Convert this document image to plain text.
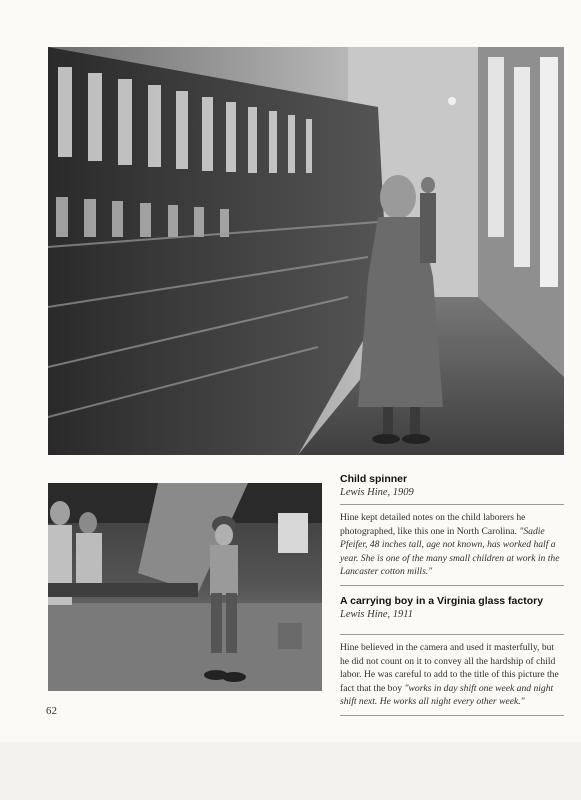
Child spinner
Lewis Hine, 1909
Hine kept detailed notes on the child laborers he photographed, like this one in North Carolina. "Sadie Pfeifer, 48 inches tall, age not known, has worked half a year. She is one of the many small children at work in the Lancaster cotton mills."
A carrying boy in a Virginia glass factory
Lewis Hine, 1911
Hine believed in the camera and used it masterfully, but he did not count on it to convey all the hardship of child labor. He was careful to add to the title of this picture the fact that the boy "works in day shift one week and night shift next. He works all night every other week."
62
